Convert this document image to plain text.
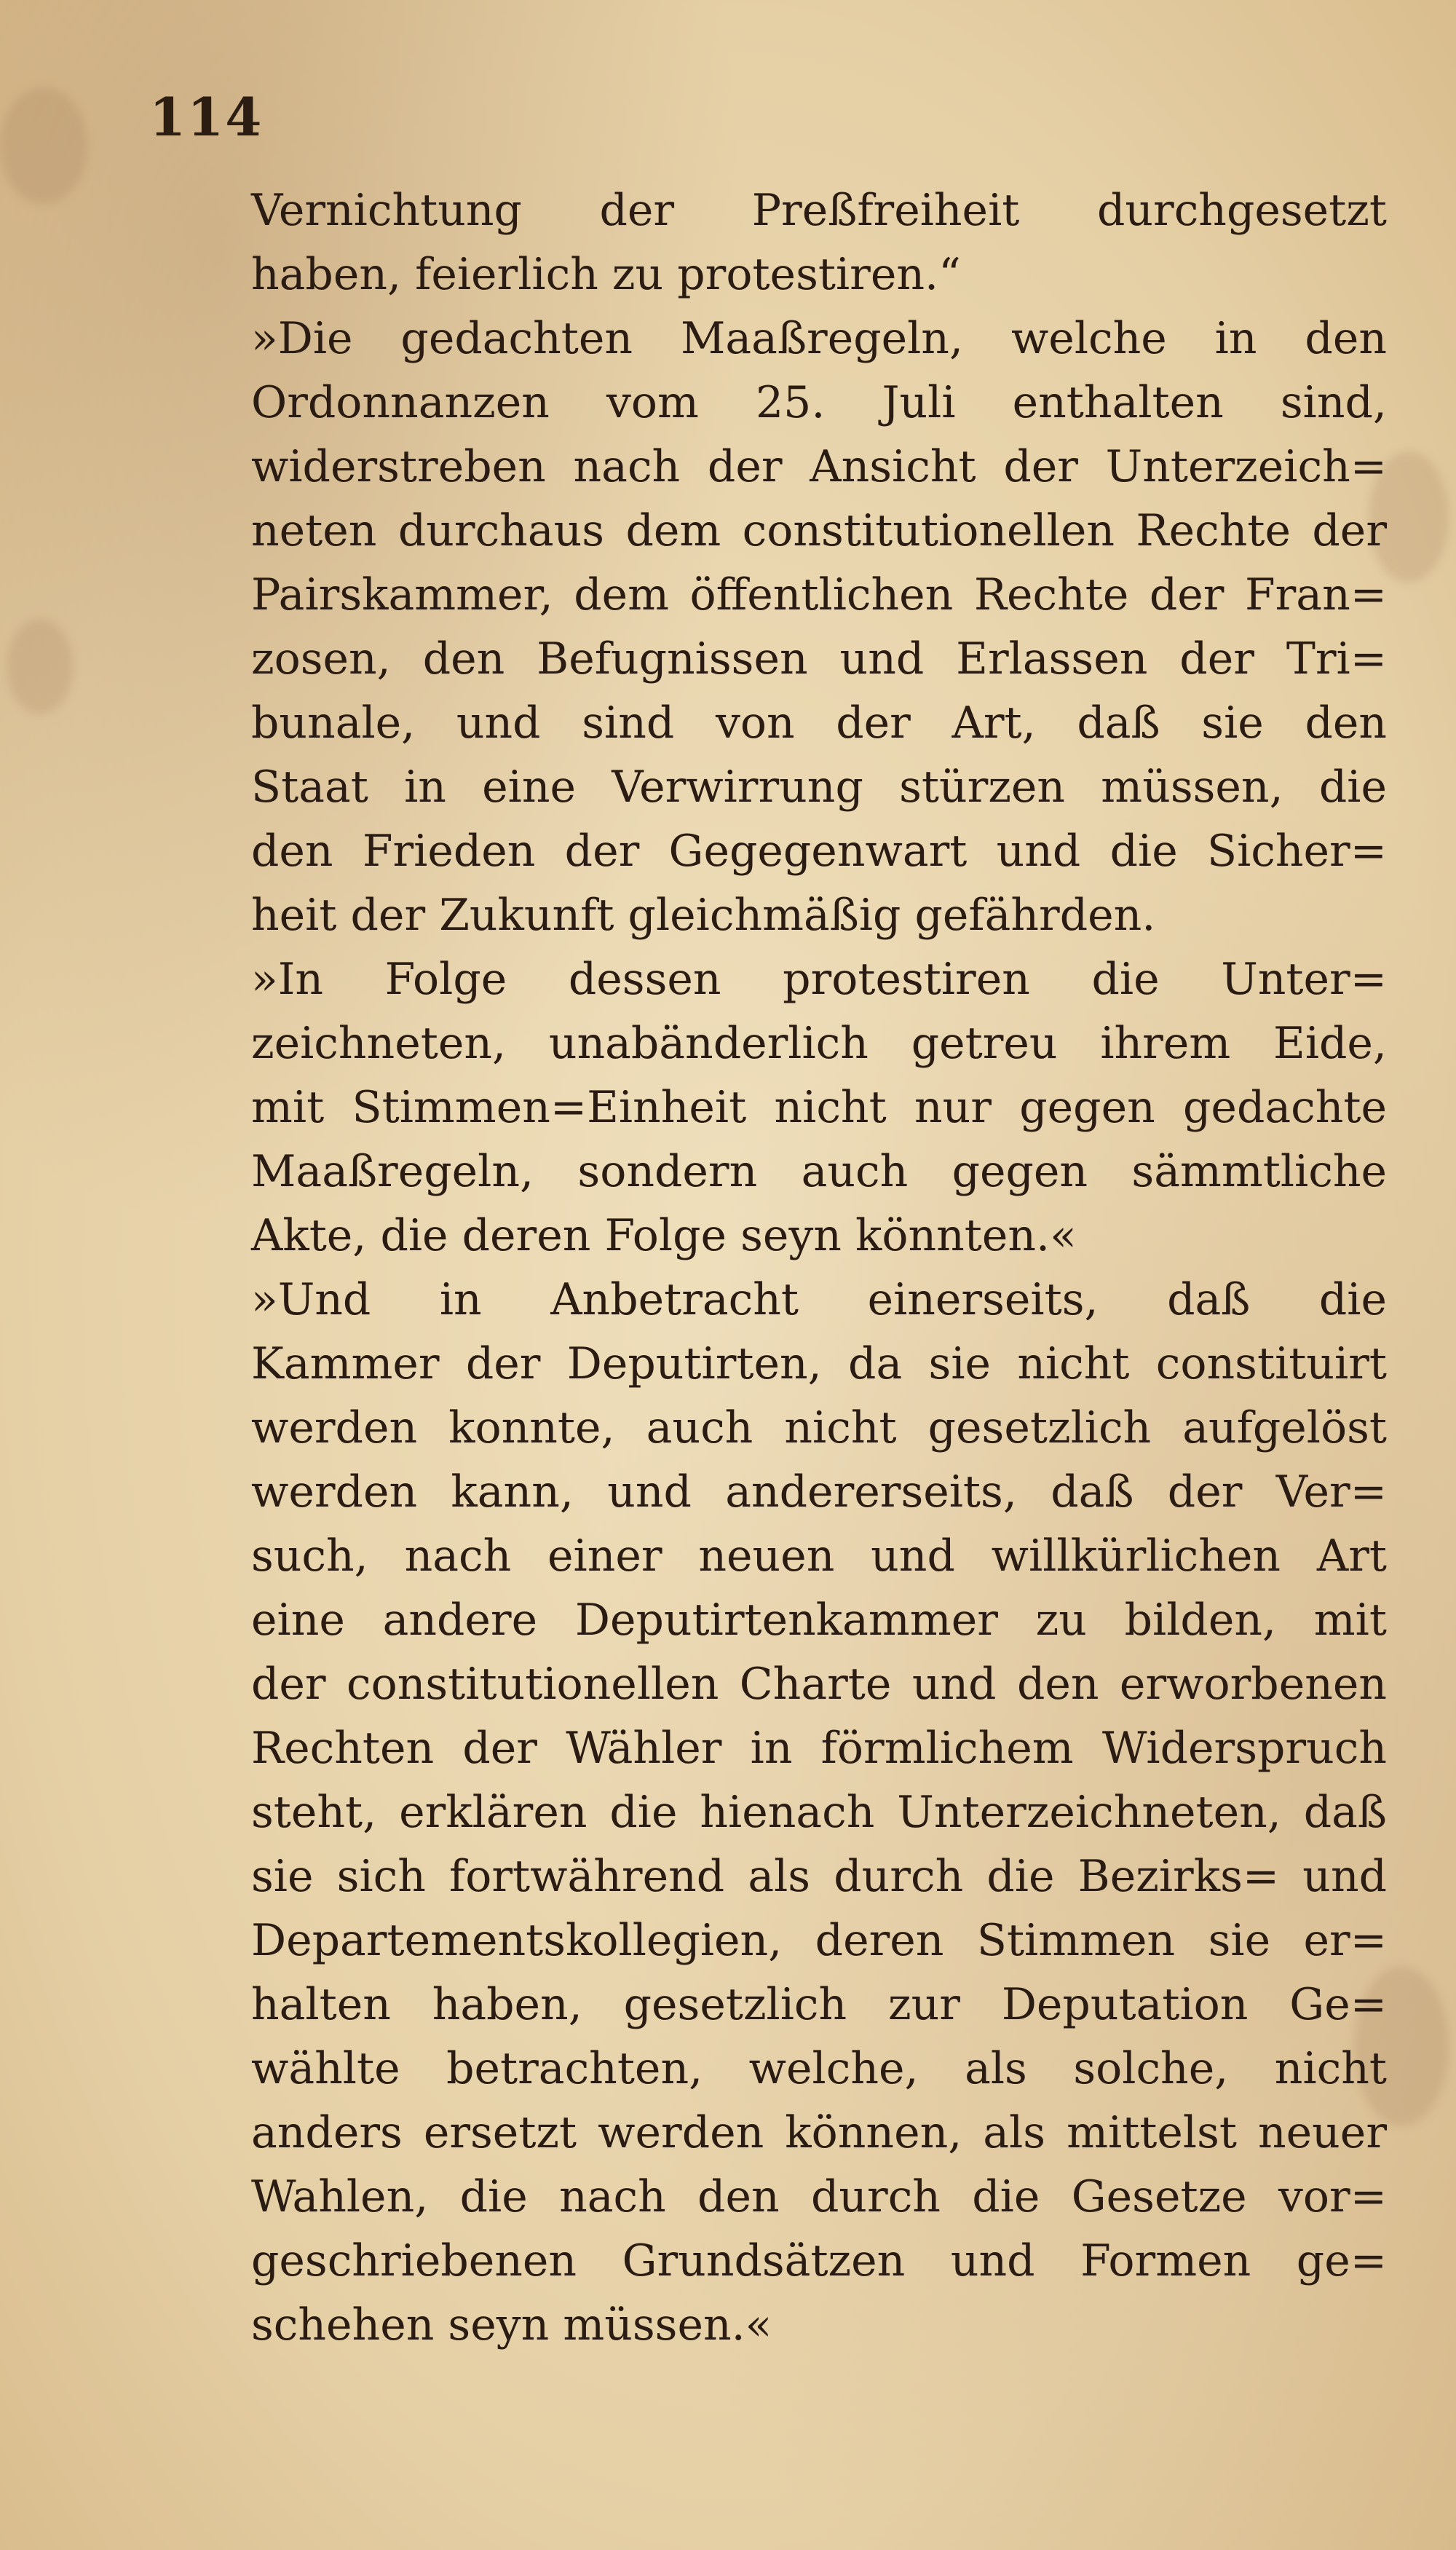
114
Vernichtung der Preßfreiheit durchgesetzt
haben, feierlich zu protestiren.“
»Die gedachten Maaßregeln, welche in den
Ordonnanzen vom 25. Juli enthalten sind,
widerstreben nach der Ansicht der Unterzeich=
neten durchaus dem constitutionellen Rechte der
Pairskammer, dem öffentlichen Rechte der Fran=
zosen, den Befugnissen und Erlassen der Tri=
bunale, und sind von der Art, daß sie den
Staat in eine Verwirrung stürzen müssen, die
den Frieden der Gegegenwart und die Sicher=
heit der Zukunft gleichmäßig gefährden.
»In Folge dessen protestiren die Unter=
zeichneten, unabänderlich getreu ihrem Eide,
mit Stimmen=Einheit nicht nur gegen gedachte
Maaßregeln, sondern auch gegen sämmtliche
Akte, die deren Folge seyn könnten.«
»Und in Anbetracht einerseits, daß die
Kammer der Deputirten, da sie nicht constituirt
werden konnte, auch nicht gesetzlich aufgelöst
werden kann, und andererseits, daß der Ver=
such, nach einer neuen und willkürlichen Art
eine andere Deputirtenkammer zu bilden, mit
der constitutionellen Charte und den erworbenen
Rechten der Wähler in förmlichem Widerspruch
steht, erklären die hienach Unterzeichneten, daß
sie sich fortwährend als durch die Bezirks= und
Departementskollegien, deren Stimmen sie er=
halten haben, gesetzlich zur Deputation Ge=
wählte betrachten, welche, als solche, nicht
anders ersetzt werden können, als mittelst neuer
Wahlen, die nach den durch die Gesetze vor=
geschriebenen Grundsätzen und Formen ge=
schehen seyn müssen.«
